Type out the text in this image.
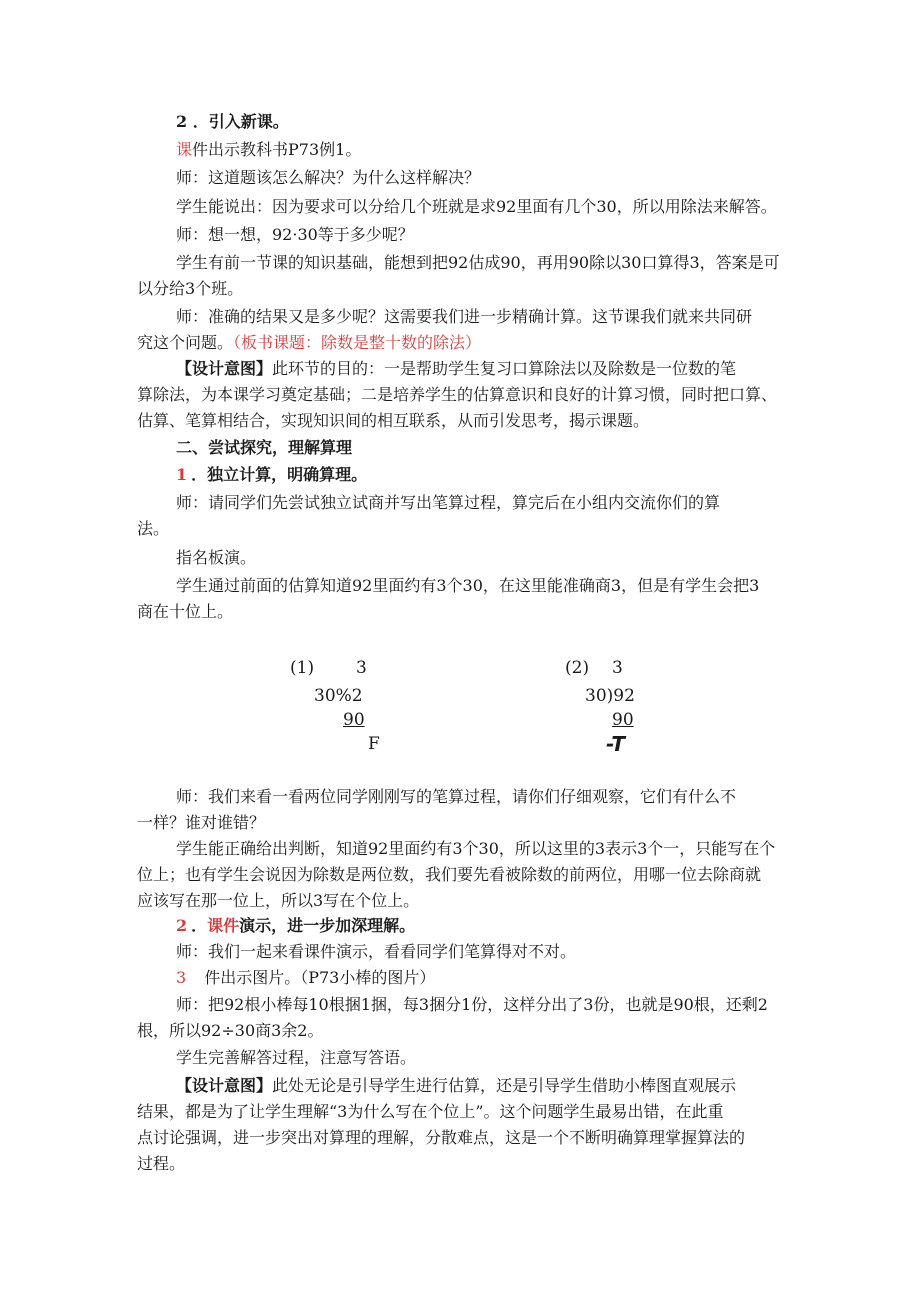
2 ．引入新课。
课件出示教科书P73例1。
师：这道题该怎么解决？为什么这样解决？
学生能说出：因为要求可以分给几个班就是求92里面有几个30，所以用除法来解答。
师：想一想，92·30等于多少呢？
学生有前一节课的知识基础，能想到把92估成90，再用90除以30口算得3，答案是可
以分给3个班。
师：准确的结果又是多少呢？这需要我们进一步精确计算。这节课我们就来共同研
究这个问题。（板书课题：除数是整十数的除法）
【设计意图】此环节的目的：一是帮助学生复习口算除法以及除数是一位数的笔
算除法，为本课学习奠定基础；二是培养学生的估算意识和良好的计算习惯，同时把口算、
估算、笔算相结合，实现知识间的相互联系，从而引发思考，揭示课题。
二、尝试探究，理解算理
1 ．独立计算，明确算理。
师：请同学们先尝试独立试商并写出笔算过程，算完后在小组内交流你们的算
法。
指名板演。
学生通过前面的估算知道92里面约有3个30，在这里能准确商3，但是有学生会把3
商在十位上。
(1) 3
30%2
90
F
(2) 3
30)92
90
-T
师：我们来看一看两位同学刚刚写的笔算过程，请你们仔细观察，它们有什么不
一样？谁对谁错？
学生能正确给出判断，知道92里面约有3个30，所以这里的3表示3个一，只能写在个
位上；也有学生会说因为除数是两位数，我们要先看被除数的前两位，用哪一位去除商就
应该写在那一位上，所以3写在个位上。
2 ．课件演示，进一步加深理解。
师：我们一起来看课件演示，看看同学们笔算得对不对。
3 件出示图片。（P73小棒的图片）
师：把92根小棒每10根捆1捆，每3捆分1份，这样分出了3份，也就是90根，还剩2
根，所以92÷30商3余2。
学生完善解答过程，注意写答语。
【设计意图】此处无论是引导学生进行估算，还是引导学生借助小棒图直观展示
结果，都是为了让学生理解“3为什么写在个位上”。这个问题学生最易出错，在此重
点讨论强调，进一步突出对算理的理解，分散难点，这是一个不断明确算理掌握算法的
过程。
